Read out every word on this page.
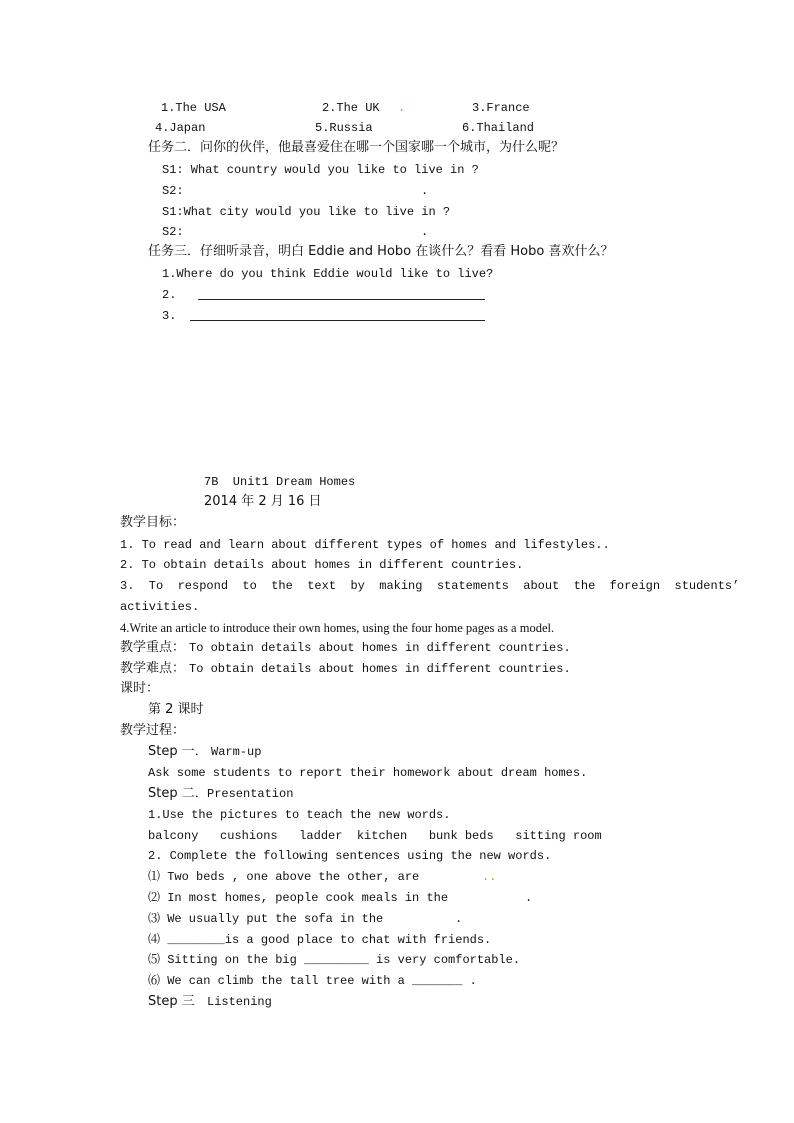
1.The USA	2.The UK .	3.France
4.Japan	5.Russia	6.Thailand
任务二．问你的伙伴，他最喜爱住在哪一个国家哪一个城市，为什么呢？
S1: What country would you like to live in ?
S2:	.
S1:What city would you like to live in ?
S2:	.
任务三．仔细听录音，明白 Eddie and Hobo 在谈什么？看看 Hobo 喜欢什么？
1.Where do you think Eddie would like to live?
2.
3.
7B  Unit1 Dream Homes
2014 年 2 月 16 日
教学目标：
1. To read and learn about different types of homes and lifestyles..
2. To obtain details about homes in different countries.
3.  To  respond  to  the  text  by  making  statements  about  the  foreign  students’
activities.
4.Write an article to introduce their own homes, using the four home pages as a model.
教学重点： To obtain details about homes in different countries.
教学难点： To obtain details about homes in different countries.
课时：
第 2 课时
教学过程：
Step 一． Warm-up
Ask some students to report their homework about dream homes.
Step 二． Presentation
1.Use the pictures to teach the new words.
balcony   cushions   ladder  kitchen   bunk beds   sitting room
2. Complete the following sentences using the new words.
⑴ Two beds , one above the other, are	..
⑵ In most homes, people cook meals in the	.
⑶ We usually put the sofa in the	.
⑷ ________is a good place to chat with friends.
⑸ Sitting on the big _________ is very comfortable.
⑹ We can climb the tall tree with a _______ .
Step 三 Listening
